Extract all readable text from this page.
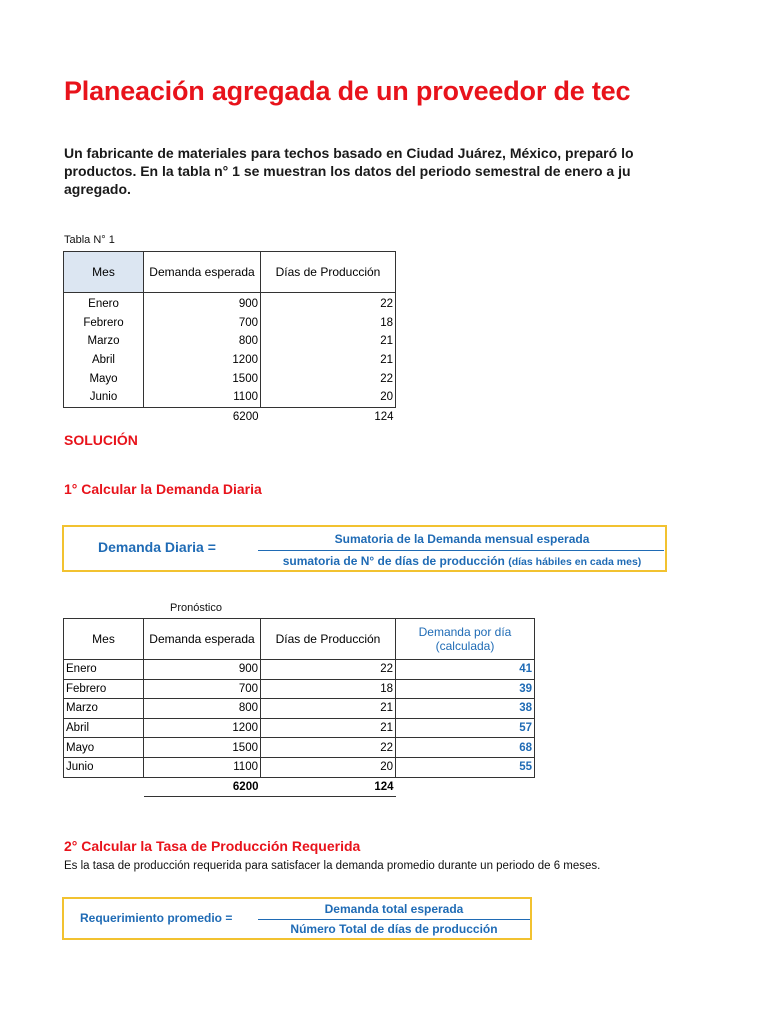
Planeación agregada de un proveedor de tec
Un fabricante de materiales para techos basado en Ciudad Juárez, México, preparó lo
productos. En la tabla n° 1 se muestran los datos del periodo semestral de enero a ju
agregado.
Tabla N° 1
Mes	Demanda esperada	Días de Producción
Enero	900	22
Febrero	700	18
Marzo	800	21
Abril	1200	21
Mayo	1500	22
Junio	1100	20
	6200	124
SOLUCIÓN
1° Calcular la Demanda Diaria
Demanda Diaria =	Sumatoria de la Demanda mensual esperada
sumatoria de N° de días de producción (días hábiles en cada mes)
Pronóstico
Mes	Demanda esperada	Días de Producción	Demanda por día (calculada)
Enero	900	22	41
Febrero	700	18	39
Marzo	800	21	38
Abril	1200	21	57
Mayo	1500	22	68
Junio	1100	20	55
	6200	124	
2° Calcular la Tasa de Producción Requerida
Es la tasa de producción requerida para satisfacer la demanda promedio durante un periodo de 6 meses.
Requerimiento promedio =
Demanda total esperada
Número Total de días de producción
